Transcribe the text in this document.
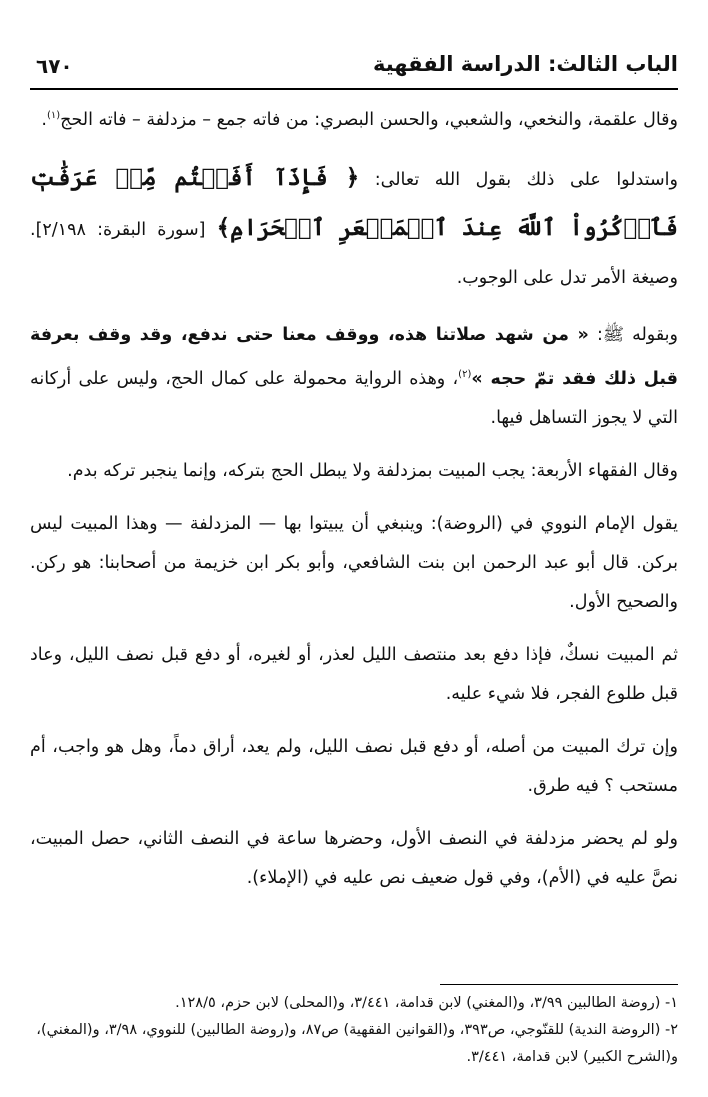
الباب الثالث: الدراسة الفقهية
٦٧٠

وقال علقمة، والنخعي، والشعبي، والحسن البصري: من فاته جمع – مزدلفة – فاته الحج$^{(١)}$.

واستدلوا على ذلك بقول الله تعالى: ﴿ فَإِذَآ أَفَضۡتُم مِّنۡ عَرَفَٰتٖ فَٱذۡكُرُواْ ٱللَّهَ عِندَ ٱلۡمَشۡعَرِ ٱلۡحَرَامِ﴾ [سورة البقرة: ٢/١٩٨]. وصيغة الأمر تدل على الوجوب.

وبقوله ﷺ: « من شهد صلاتنا هذه، ووقف معنا حتى ندفع، وقد وقف بعرفة قبل ذلك فقد تمّ حجه »$^{(٢)}$، وهذه الرواية محمولة على كمال الحج، وليس على أركانه التي لا يجوز التساهل فيها.

وقال الفقهاء الأربعة: يجب المبيت بمزدلفة ولا يبطل الحج بتركه، وإنما ينجبر تركه بدم.

يقول الإمام النووي في (الروضة): وينبغي أن يبيتوا بها — المزدلفة — وهذا المبيت ليس بركن. قال أبو عبد الرحمن ابن بنت الشافعي، وأبو بكر ابن خزيمة من أصحابنا: هو ركن. والصحيح الأول.

ثم المبيت نسكٌ، فإذا دفع بعد منتصف الليل لعذر، أو لغيره، أو دفع قبل نصف الليل، وعاد قبل طلوع الفجر، فلا شيء عليه.

وإن ترك المبيت من أصله، أو دفع قبل نصف الليل، ولم يعد، أراق دماً، وهل هو واجب، أم مستحب ؟ فيه طرق.

ولو لم يحضر مزدلفة في النصف الأول، وحضرها ساعة في النصف الثاني، حصل المبيت، نصَّ عليه في (الأم)، وفي قول ضعيف نص عليه في (الإملاء).

١- (روضة الطالبين ٣/٩٩، و(المغني) لابن قدامة، ٣/٤٤١، و(المحلى) لابن حزم، ١٢٨/٥.

٢- (الروضة الندية) للقنّوجي، ص٣٩٣، و(القوانين الفقهية) ص٨٧، و(روضة الطالبين) للنووي، ٣/٩٨، و(المغني)، و(الشرح الكبير) لابن قدامة، ٣/٤٤١.
